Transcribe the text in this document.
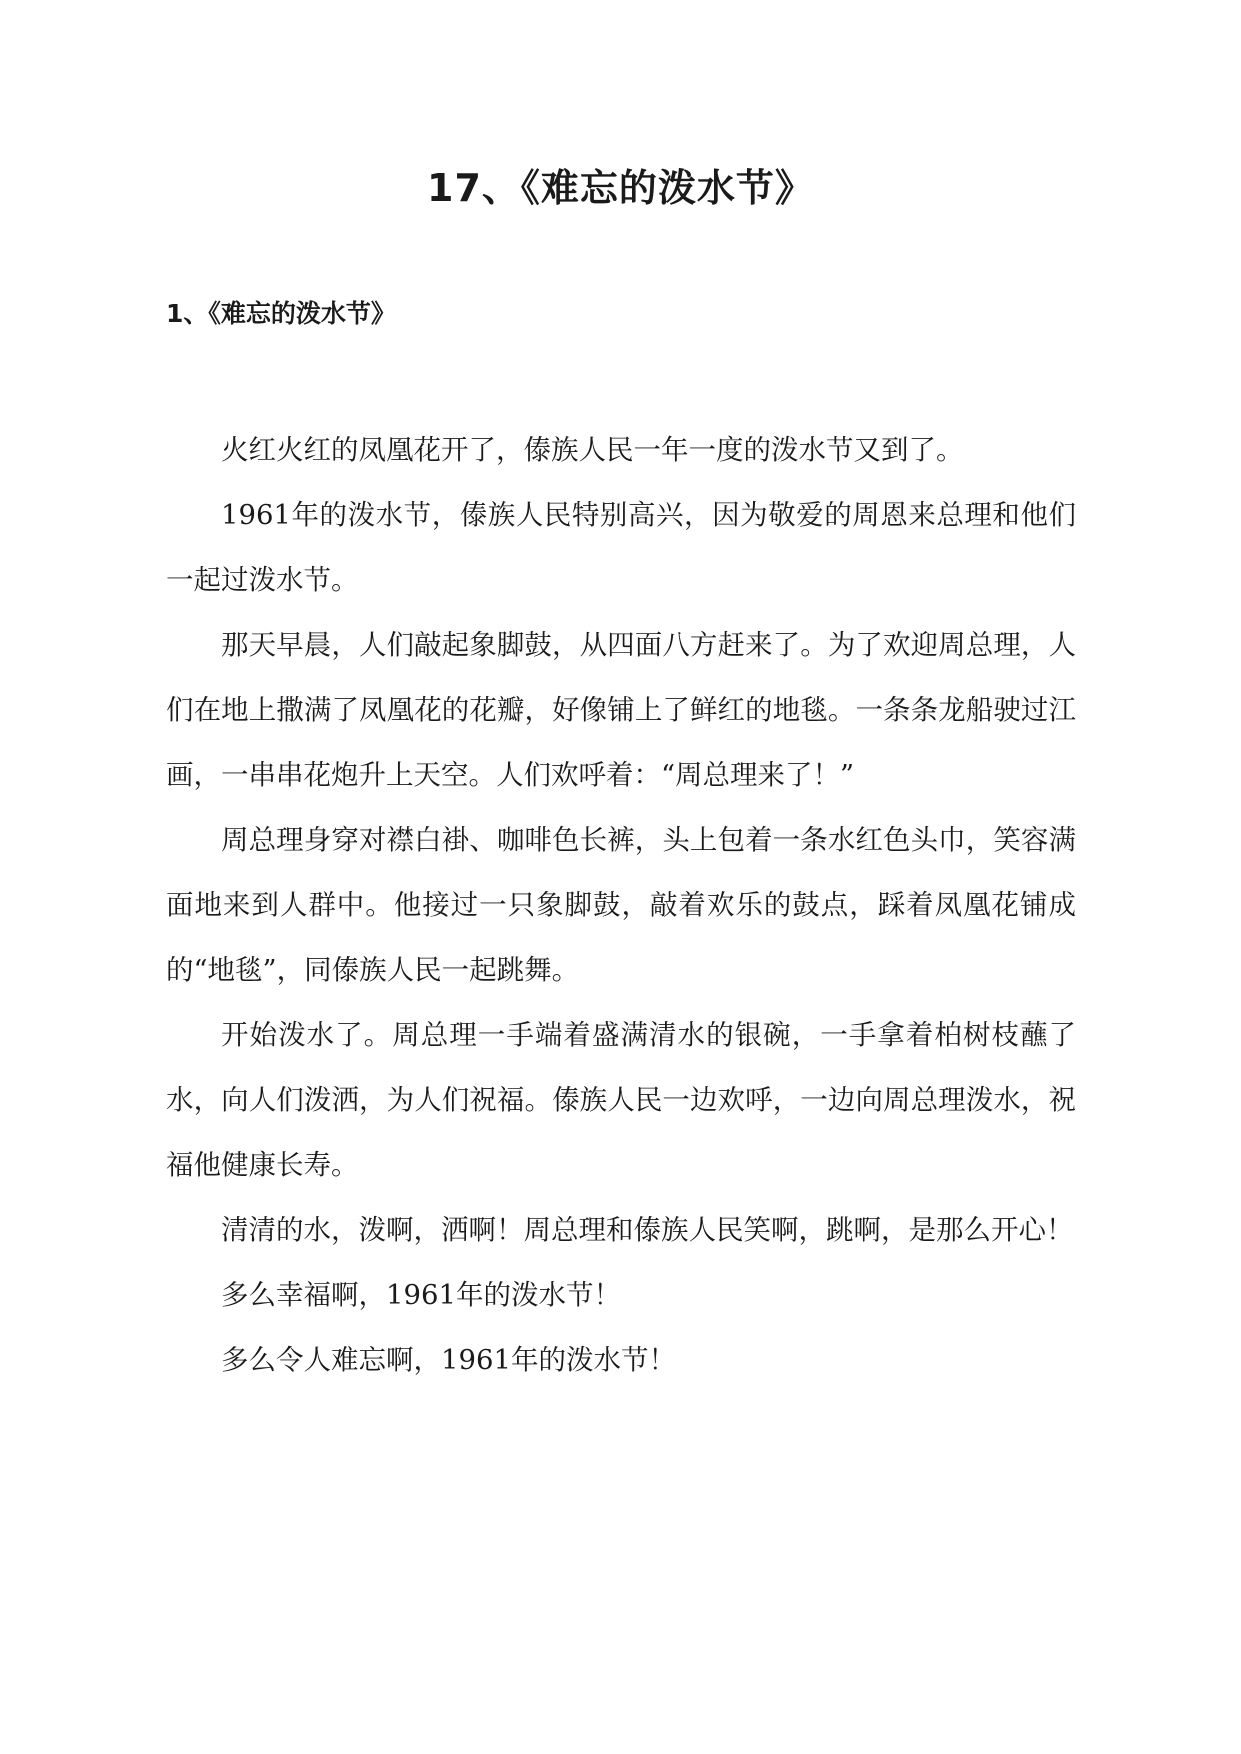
17、《难忘的泼水节》
1、《难忘的泼水节》

火红火红的凤凰花开了，傣族人民一年一度的泼水节又到了。

1961年的泼水节，傣族人民特别高兴，因为敬爱的周恩来总理和他们一起过泼水节。

那天早晨，人们敲起象脚鼓，从四面八方赶来了。为了欢迎周总理，人们在地上撒满了凤凰花的花瓣，好像铺上了鲜红的地毯。一条条龙船驶过江画，一串串花炮升上天空。人们欢呼着：“周总理来了！”

周总理身穿对襟白褂、咖啡色长裤，头上包着一条水红色头巾，笑容满面地来到人群中。他接过一只象脚鼓，敲着欢乐的鼓点，踩着凤凰花铺成的“地毯”，同傣族人民一起跳舞。

开始泼水了。周总理一手端着盛满清水的银碗，一手拿着柏树枝蘸了水，向人们泼洒，为人们祝福。傣族人民一边欢呼，一边向周总理泼水，祝福他健康长寿。

清清的水，泼啊，洒啊！周总理和傣族人民笑啊，跳啊，是那么开心！

多么幸福啊，1961年的泼水节！

多么令人难忘啊，1961年的泼水节！
